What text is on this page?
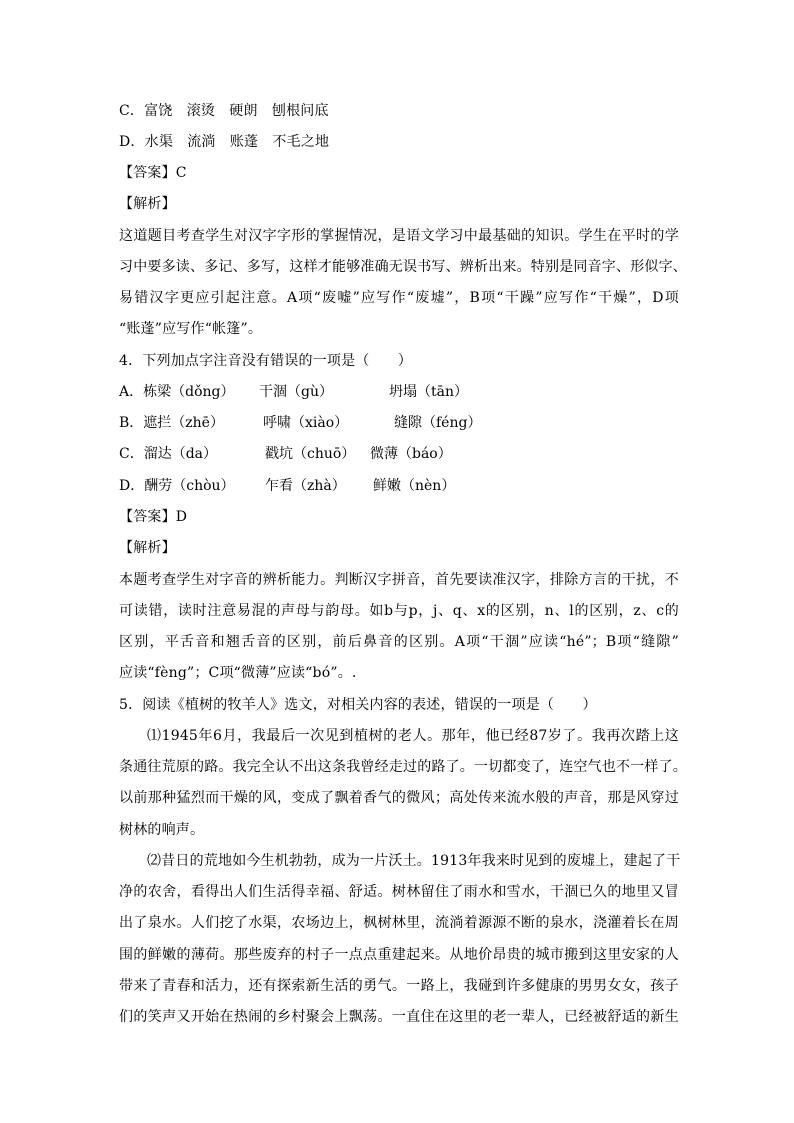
C．富饶　滚烫　硬朗　刨根问底
D．水渠　流淌　账蓬　不毛之地
【答案】C
【解析】
这道题目考查学生对汉字字形的掌握情况，是语文学习中最基础的知识。学生在平时的学
习中要多读、多记、多写，这样才能够准确无误书写、辨析出来。特别是同音字、形似字、
易错汉字更应引起注意。A项“废嘘”应写作“废墟”，B项“干躁”应写作“干燥”，D项
“账蓬”应写作“帐篷”。
4．下列加点字注音没有错误的一项是（　　）
A．栋梁（dǒng） 干涸（gù）	坍塌（tān）
B．遮拦（zhē）	呼啸（xiào）	缝隙（féng）
C．溜达（da）	戳坑（chuō） 微薄（báo）
D．酬劳（chòu） 乍看（zhà） 鲜嫩（nèn）
【答案】D
【解析】
本题考查学生对字音的辨析能力。判断汉字拼音，首先要读准汉字，排除方言的干扰，不
可读错，读时注意易混的声母与韵母。如b与p，j、q、x的区别，n、l的区别，z、c的
区别，平舌音和翘舌音的区别，前后鼻音的区别。A项“干涸”应读“hé”；B项“缝隙”
应读“fèng”；C项“微薄”应读“bó”。.
5．阅读《植树的牧羊人》选文，对相关内容的表述，错误的一项是（　　）
⑴1945年6月，我最后一次见到植树的老人。那年，他已经87岁了。我再次踏上这
条通往荒原的路。我完全认不出这条我曾经走过的路了。一切都变了，连空气也不一样了。
以前那种猛烈而干燥的风，变成了飘着香气的微风；高处传来流水般的声音，那是风穿过
树林的响声。
⑵昔日的荒地如今生机勃勃，成为一片沃土。1913年我来时见到的废墟上，建起了干
净的农舍，看得出人们生活得幸福、舒适。树林留住了雨水和雪水，干涸已久的地里又冒
出了泉水。人们挖了水渠，农场边上，枫树林里，流淌着源源不断的泉水，浇灌着长在周
围的鲜嫩的薄荷。那些废弃的村子一点点重建起来。从地价昂贵的城市搬到这里安家的人
带来了青春和活力，还有探索新生活的勇气。一路上，我碰到许多健康的男男女女，孩子
们的笑声又开始在热闹的乡村聚会上飘荡。一直住在这里的老一辈人，已经被舒适的新生
